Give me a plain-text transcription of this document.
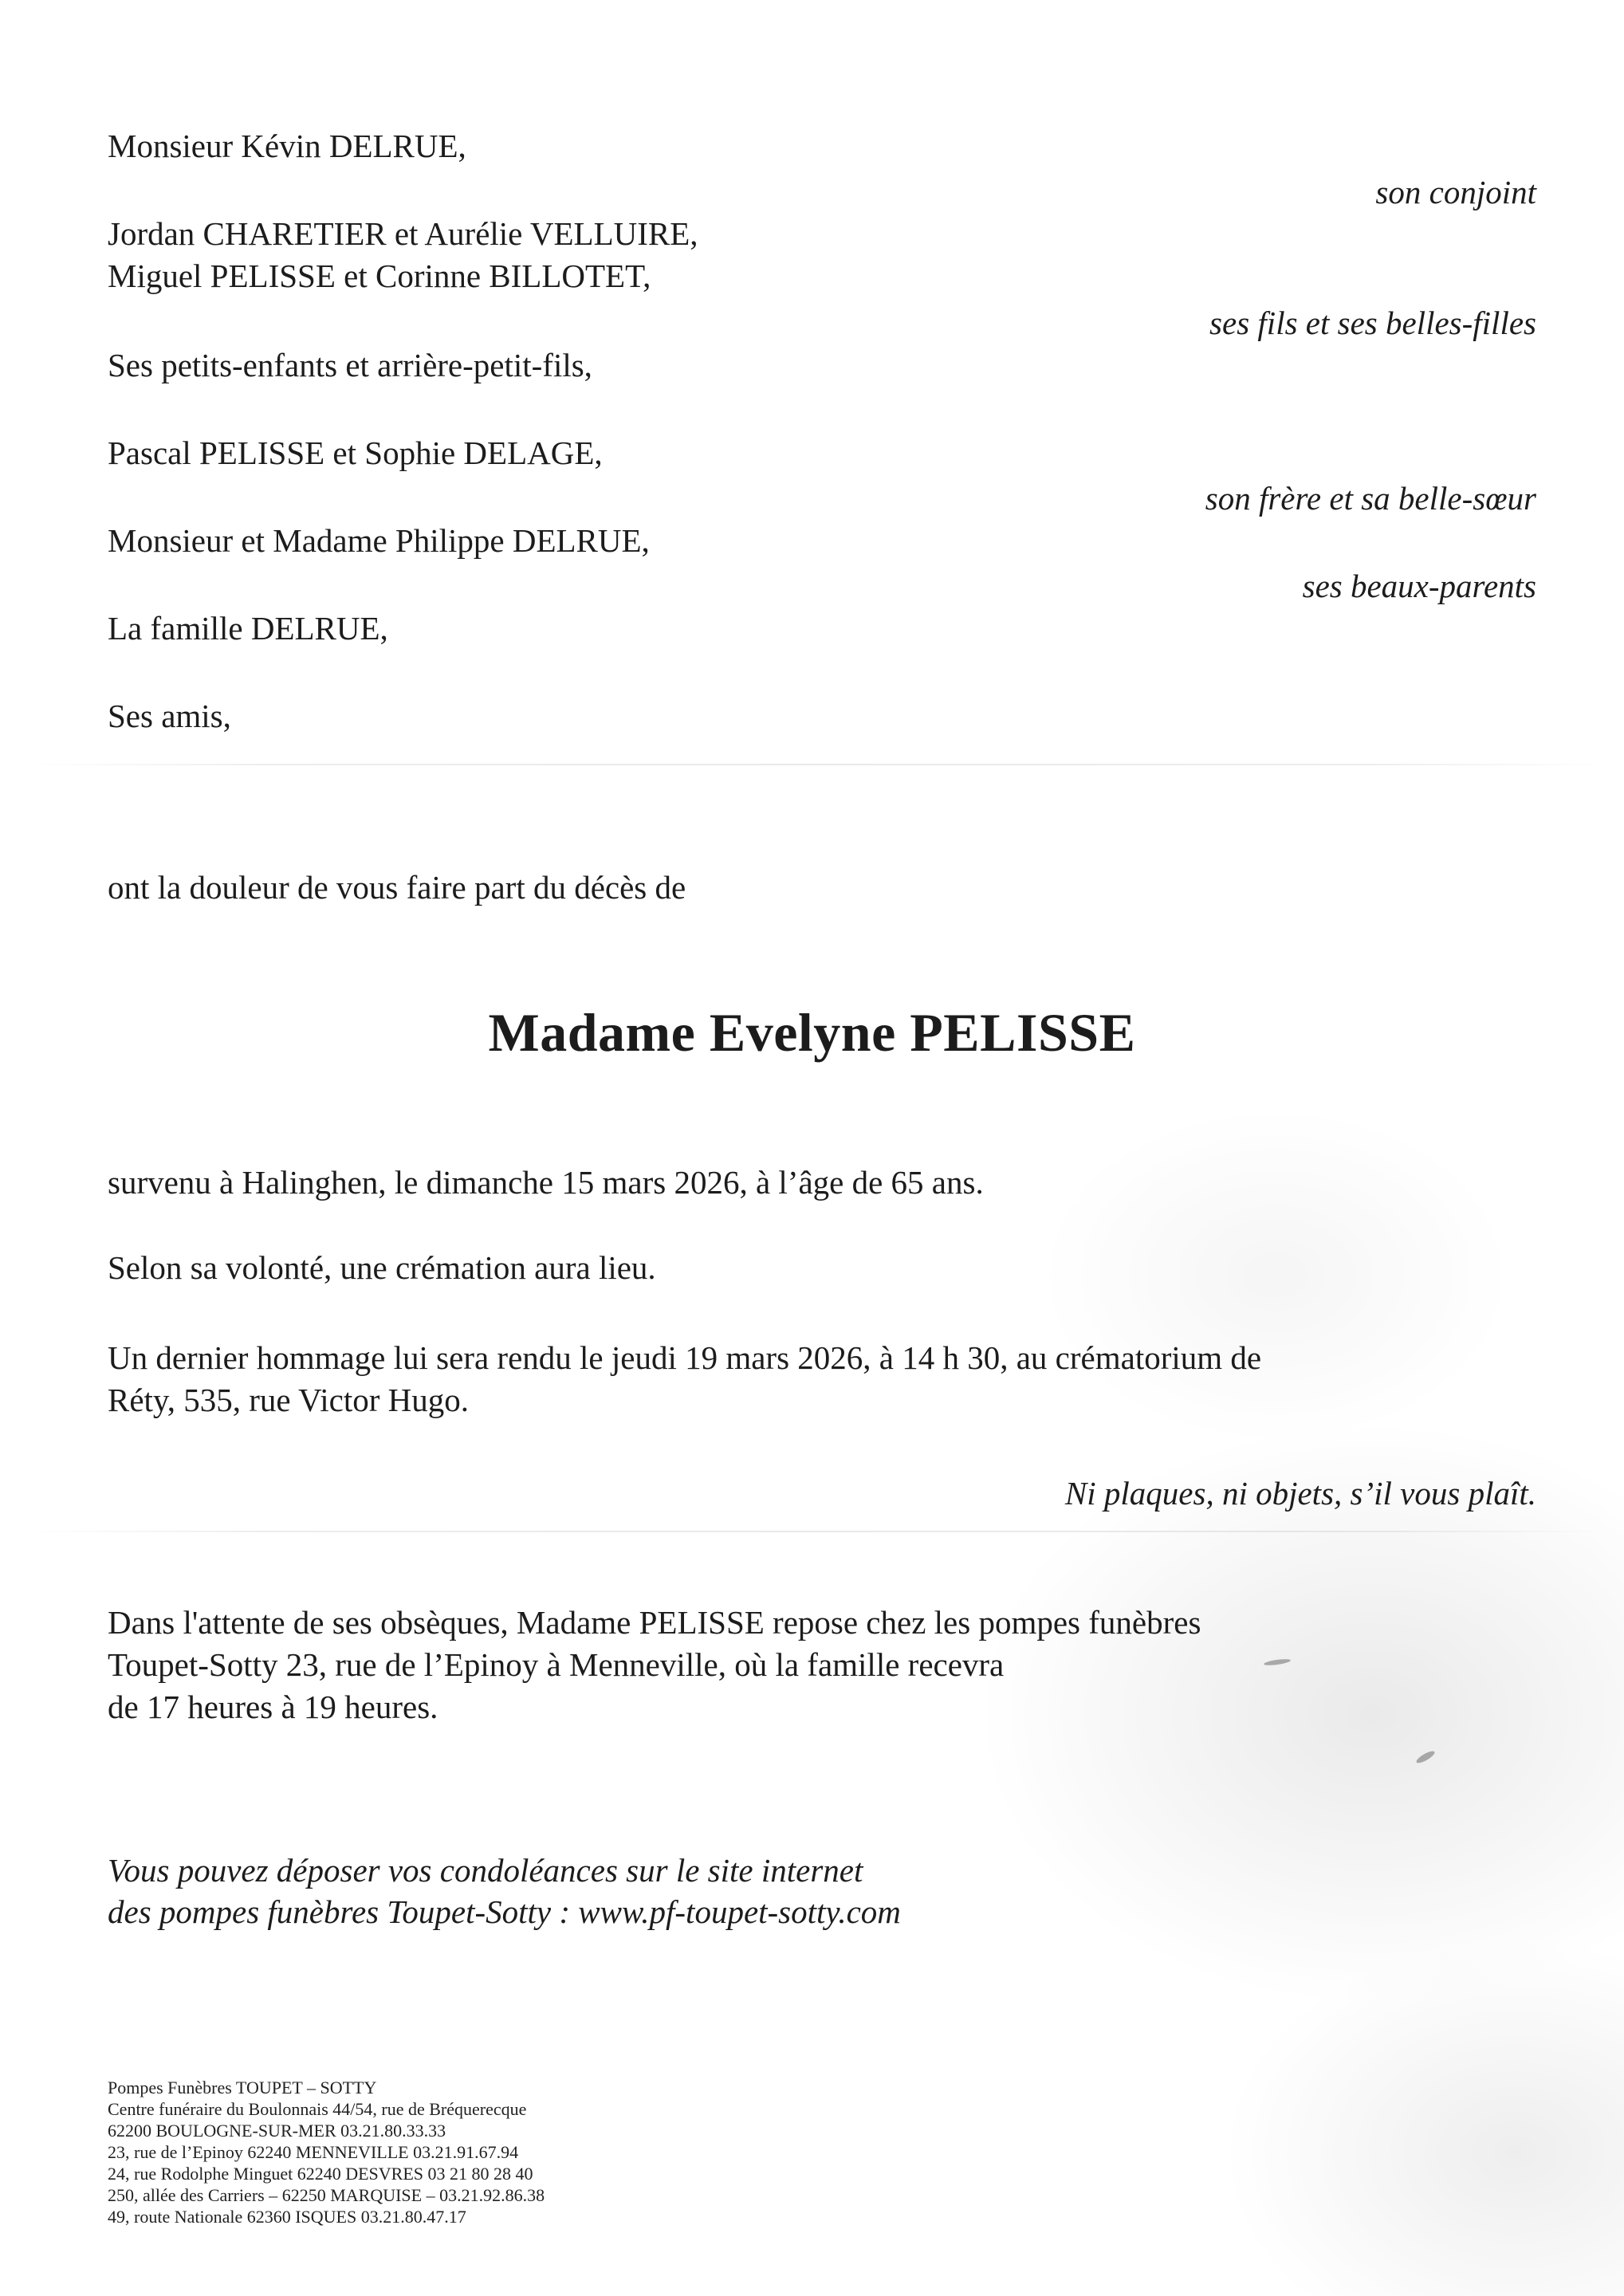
Monsieur Kévin DELRUE,
son conjoint
Jordan CHARETIER et Aurélie VELLUIRE,
Miguel PELISSE et Corinne BILLOTET,
ses fils et ses belles-filles
Ses petits-enfants et arrière-petit-fils,
Pascal PELISSE et Sophie DELAGE,
son frère et sa belle-sœur
Monsieur et Madame Philippe DELRUE,
ses beaux-parents
La famille DELRUE,
Ses amis,
ont la douleur de vous faire part du décès de
Madame Evelyne PELISSE
survenu à Halinghen, le dimanche 15 mars 2026, à l’âge de 65 ans.
Selon sa volonté, une crémation aura lieu.
Un dernier hommage lui sera rendu le jeudi 19 mars 2026, à 14 h 30, au crématorium de
Réty, 535, rue Victor Hugo.
Ni plaques, ni objets, s’il vous plaît.
Dans l'attente de ses obsèques, Madame PELISSE repose chez les pompes funèbres
Toupet-Sotty 23, rue de l’Epinoy à Menneville, où la famille recevra
de 17 heures à 19 heures.
Vous pouvez déposer vos condoléances sur le site internet
des pompes funèbres Toupet-Sotty : www.pf-toupet-sotty.com
Pompes Funèbres TOUPET – SOTTY
Centre funéraire du Boulonnais 44/54, rue de Bréquerecque
62200 BOULOGNE-SUR-MER 03.21.80.33.33
23, rue de l’Epinoy 62240 MENNEVILLE 03.21.91.67.94
24, rue Rodolphe Minguet 62240 DESVRES 03 21 80 28 40
250, allée des Carriers – 62250 MARQUISE – 03.21.92.86.38
49, route Nationale 62360 ISQUES 03.21.80.47.17
